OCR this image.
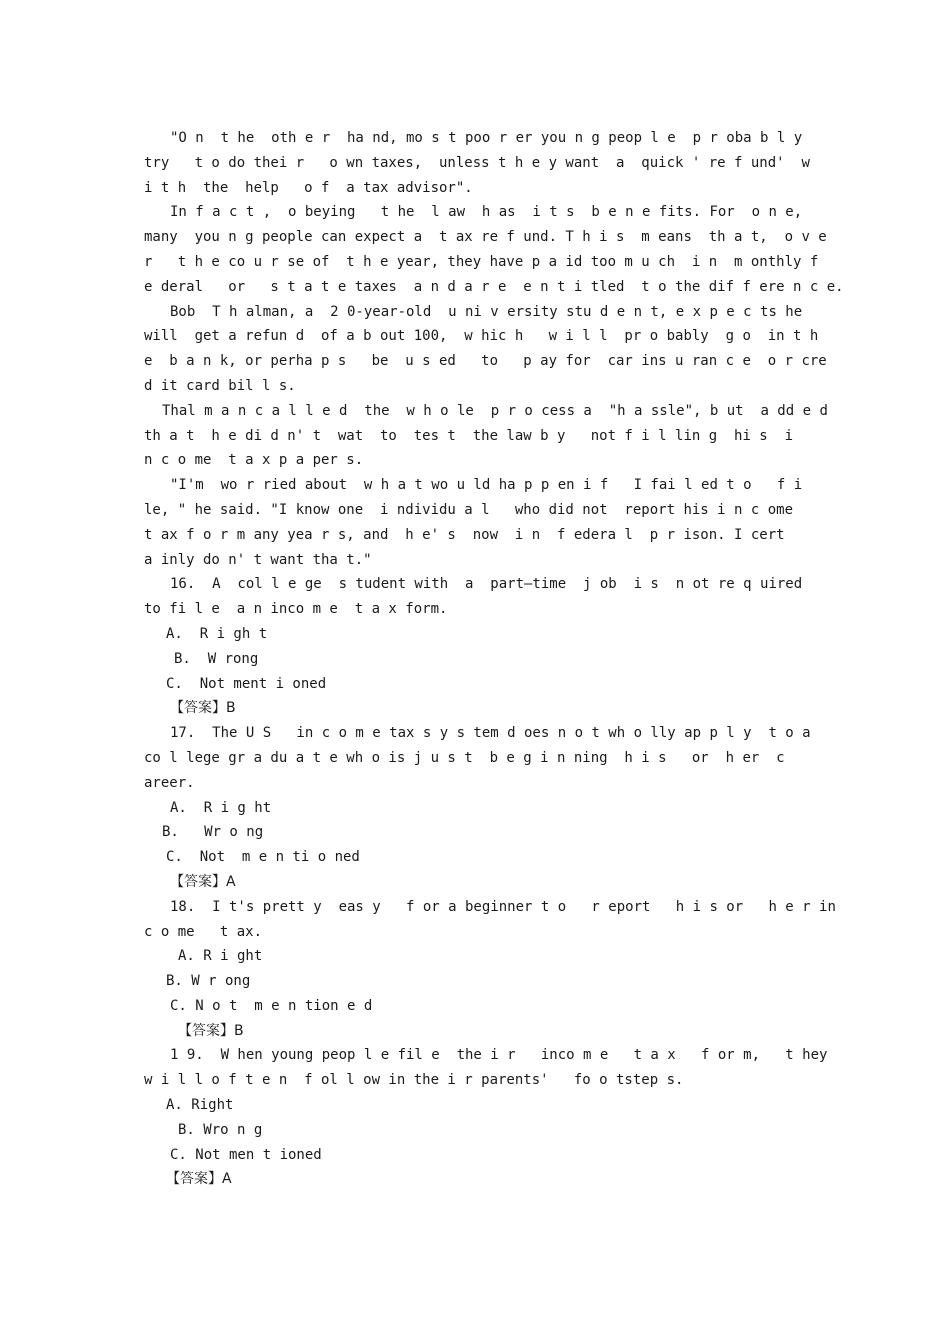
"O n  t he  oth e r  ha nd, mo s t poo r er you n g peop l e  p r oba b l y
try   t o do thei r   o wn taxes,  unless t h e y want  a  quick ' re f und'  w
i t h  the  help   o f  a tax advisor".
In f a c t ,  o beying   t he  l aw  h as  i t s  b e n e fits. For  o n e,
many  you n g people can expect a  t ax re f und. T h i s  m eans  th a t,  o v e
r   t h e co u r se of  t h e year, they have p a id too m u ch  i n  m onthly f
e deral   or   s t a t e taxes  a n d a r e  e n t i tled  t o the dif f ere n c e.
Bob  T h alman, a  2 0-year-old  u ni v ersity stu d e n t, e x p e c ts he
will  get a refun d  of a b out 100,  w hic h   w i l l  pr o bably  g o  in t h
e  b a n k, or perha p s   be  u s ed   to   p ay for  car ins u ran c e  o r cre
d it card bil l s.
Thal m a n c a l l e d  the  w h o le  p r o cess a  "h a ssle", b ut  a dd e d
th a t  h e di d n' t  wat  to  tes t  the law b y   not f i l lin g  hi s  i
n c o me  t a x p a per s.
"I'm  wo r ried about  w h a t wo u ld ha p p en i f   I fai l ed t o   f i
le, " he said. "I know one  i ndividu a l   who did not  report his i n c ome
t ax f o r m any yea r s, and  h e' s  now  i n  f edera l  p r ison. I cert
a inly do n' t want tha t."
16.  A  col l e ge  s tudent with  a  part—time  j ob  i s  n ot re q uired
to fi l e  a n inco m e  t a x form.
A.  R i gh t
B.  W rong
C.  Not ment i oned
【答案】B
17.  The U S   in c o m e tax s y s tem d oes n o t wh o lly ap p l y  t o a
co l lege gr a du a t e wh o is j u s t  b e g i n ning  h i s   or  h er  c
areer.
A.  R i g ht
B.   Wr o ng
C.  Not  m e n ti o ned
【答案】A
18.  I t's prett y  eas y   f or a beginner t o   r eport   h i s or   h e r in
c o me   t ax.
A. R i ght
B. W r ong
C. N o t  m e n tion e d
【答案】B
1 9.  W hen young peop l e fil e  the i r   inco m e   t a x   f or m,   t hey
w i l l o f t e n  f ol l ow in the i r parents'   fo o tstep s.
A. Right
B. Wro n g
C. Not men t ioned
【答案】A
